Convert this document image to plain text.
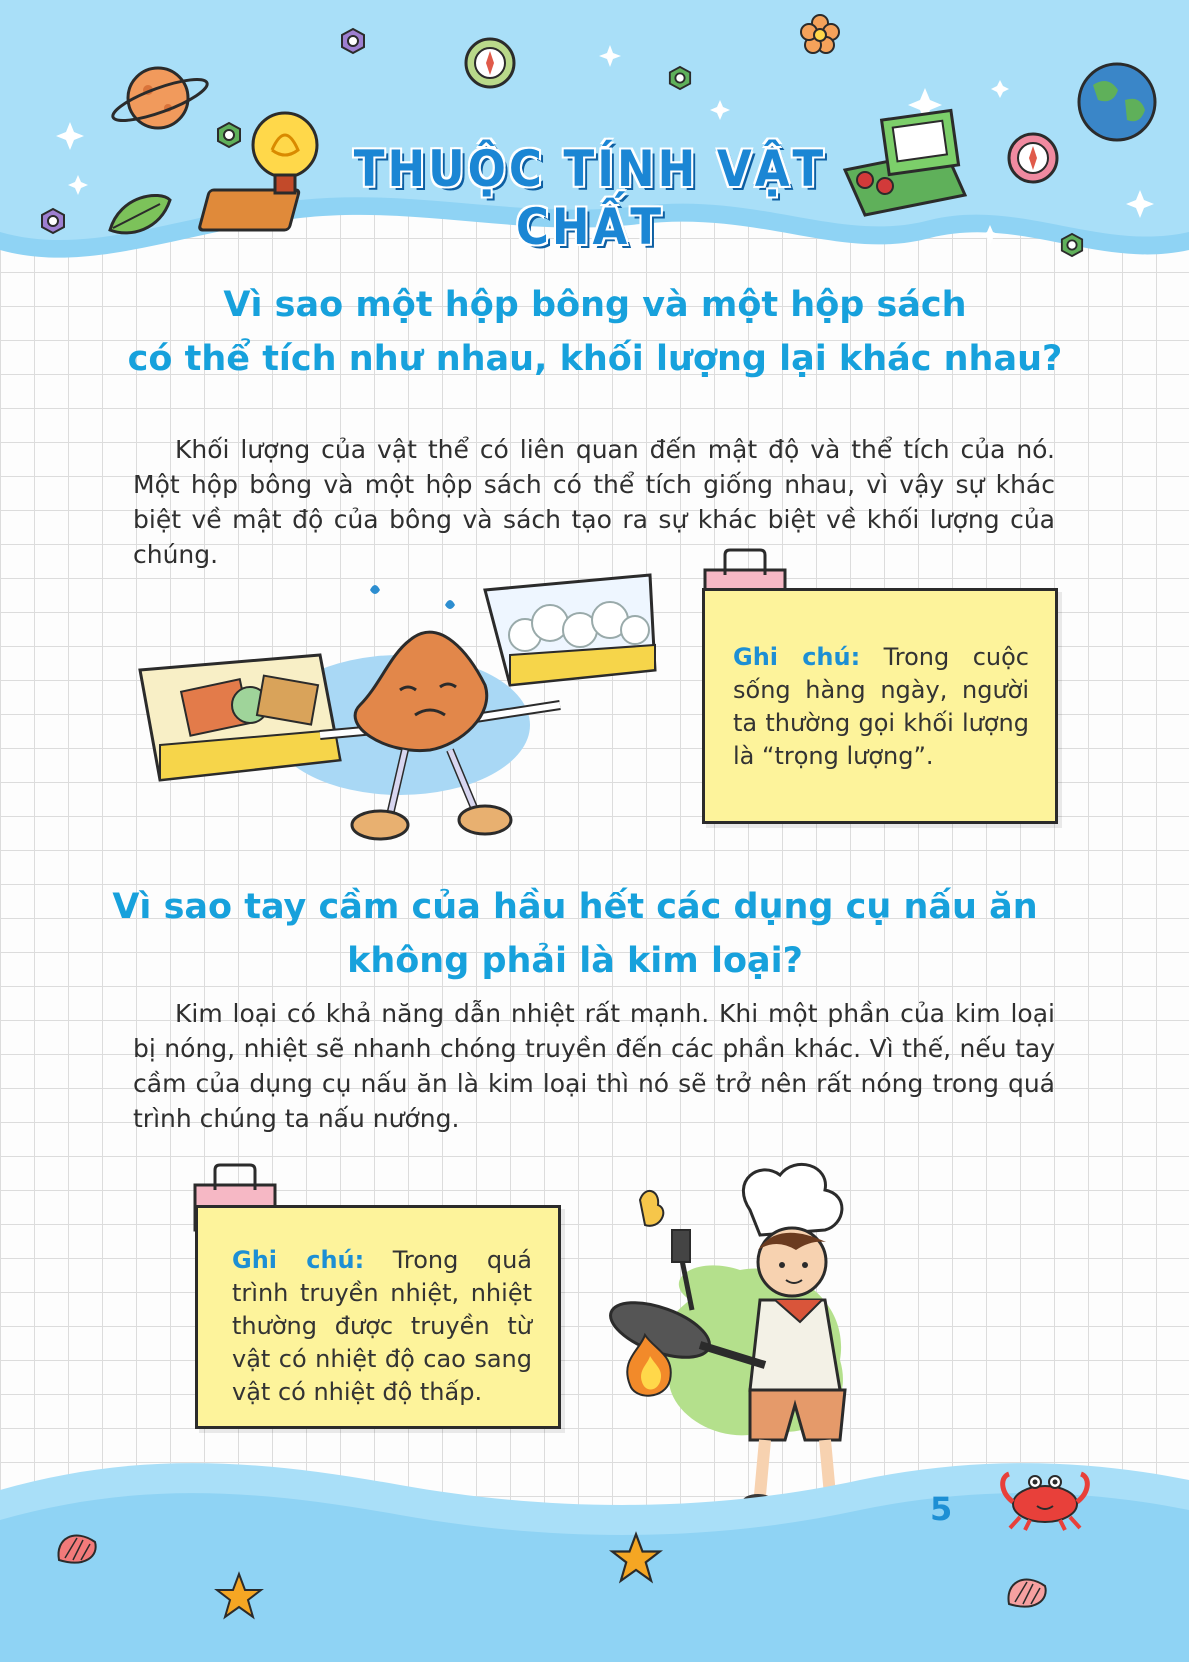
THUỘC TÍNH VẬT CHẤT
Vì sao một hộp bông và một hộp sách
có thể tích như nhau, khối lượng lại khác nhau?
Khối lượng của vật thể có liên quan đến mật độ và thể tích của nó. Một hộp bông và một hộp sách có thể tích giống nhau, vì vậy sự khác biệt về mật độ của bông và sách tạo ra sự khác biệt về khối lượng của chúng.
Ghi chú: Trong cuộc sống hàng ngày, người ta thường gọi khối lượng là “trọng lượng”.
Vì sao tay cầm của hầu hết các dụng cụ nấu ăn
không phải là kim loại?
Kim loại có khả năng dẫn nhiệt rất mạnh. Khi một phần của kim loại bị nóng, nhiệt sẽ nhanh chóng truyền đến các phần khác. Vì thế, nếu tay cầm của dụng cụ nấu ăn là kim loại thì nó sẽ trở nên rất nóng trong quá trình chúng ta nấu nướng.
Ghi chú: Trong quá trình truyền nhiệt, nhiệt thường được truyền từ vật có nhiệt độ cao sang vật có nhiệt độ thấp.
5
